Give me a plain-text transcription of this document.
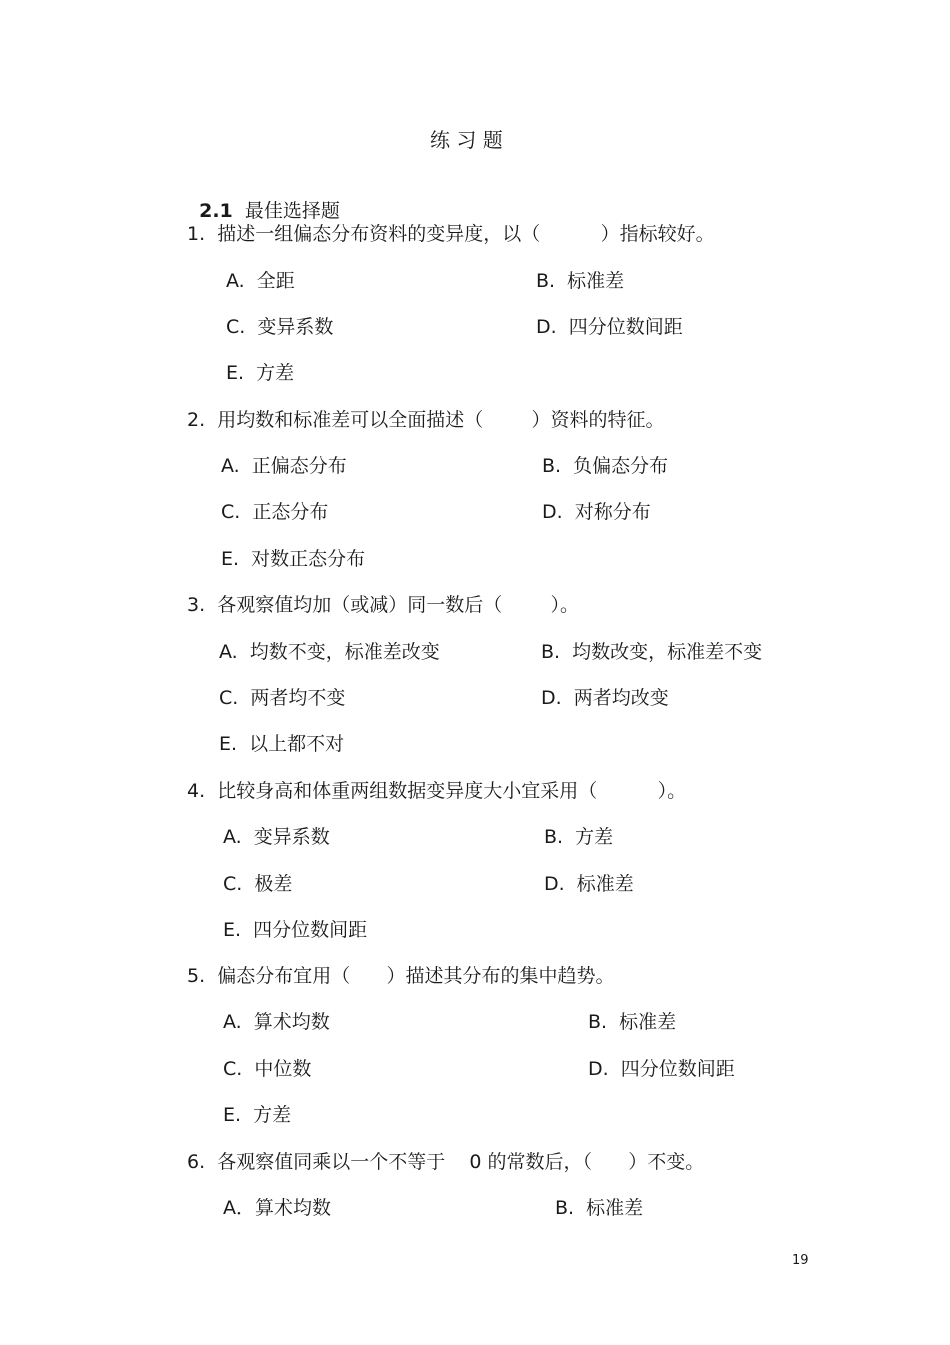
练 习 题

2.1 最佳选择题

1.  描述一组偏态分布资料的变异度，以（          ）指标较好。
A.  全距	B.  标准差
C.  变异系数	D.  四分位数间距
E.  方差
2.  用均数和标准差可以全面描述（        ）资料的特征。
A.  正偏态分布	B.  负偏态分布
C.  正态分布	D.  对称分布
E.  对数正态分布
3.  各观察值均加（或减）同一数后（        ）。
A.  均数不变，标准差改变	B.  均数改变，标准差不变
C.  两者均不变	D.  两者均改变
E.  以上都不对
4.  比较身高和体重两组数据变异度大小宜采用（          ）。
A.  变异系数	B.  方差
C.  极差	D.  标准差
E.  四分位数间距
5.  偏态分布宜用（      ）描述其分布的集中趋势。
A.  算术均数	B.  标准差
C.  中位数	D.  四分位数间距
E.  方差
6.  各观察值同乘以一个不等于    0 的常数后，（      ）不变。
A．算术均数	B.  标准差
19
